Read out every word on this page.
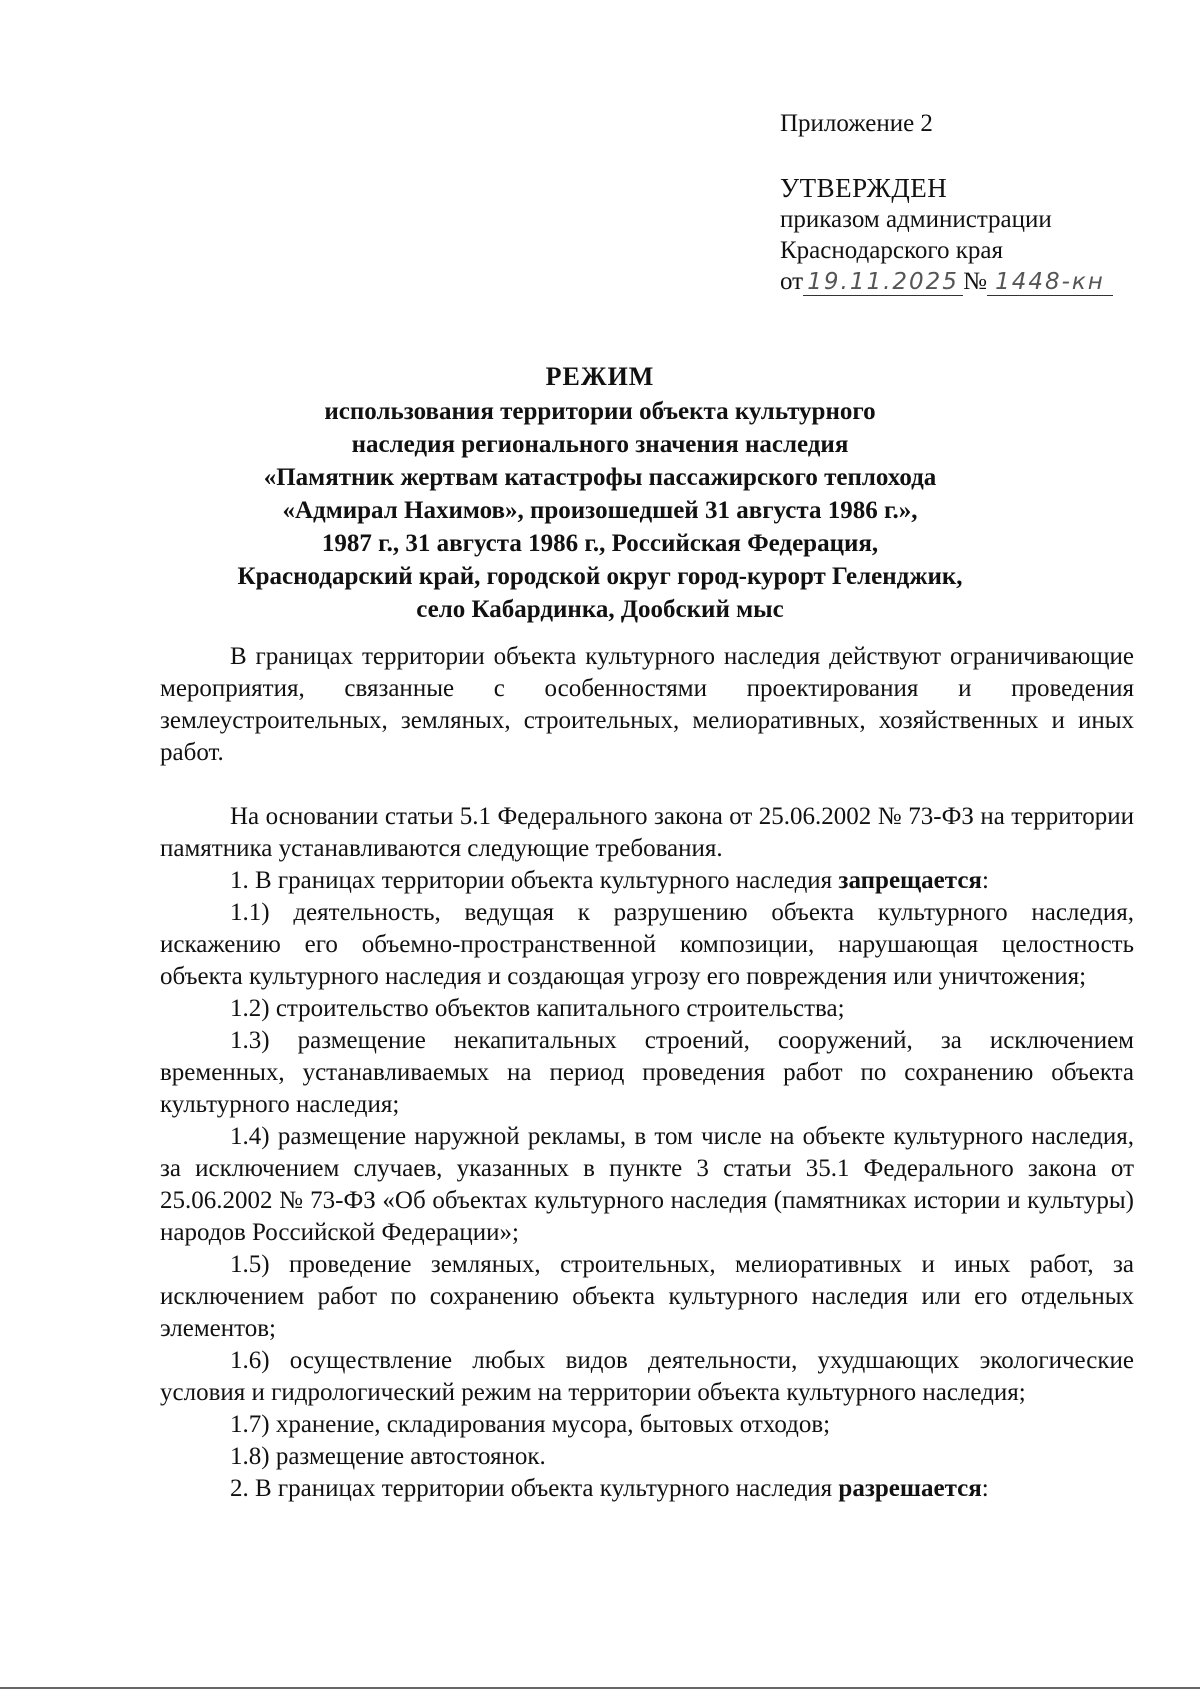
Приложение 2

УТВЕРЖДЕН

приказом администрации

Краснодарского края

от 19.11.2025 № 1448-кн

РЕЖИМ
использования территории объекта культурного
наследия регионального значения наследия
«Памятник жертвам катастрофы пассажирского теплохода
«Адмирал Нахимов», произошедшей 31 августа 1986 г.»,
1987 г., 31 августа 1986 г., Российская Федерация,
Краснодарский край, городской округ город-курорт Геленджик,
село Кабардинка, Дообский мыс

В границах территории объекта культурного наследия действуют ограничивающие мероприятия, связанные с особенностями проектирования и проведения землеустроительных, земляных, строительных, мелиоративных, хозяйственных и иных работ.

На основании статьи 5.1 Федерального закона от 25.06.2002 № 73-ФЗ на территории памятника устанавливаются следующие требования.

1. В границах территории объекта культурного наследия запрещается:

1.1) деятельность, ведущая к разрушению объекта культурного наследия, искажению его объемно-пространственной композиции, нарушающая целостность объекта культурного наследия и создающая угрозу его повреждения или уничтожения;

1.2) строительство объектов капитального строительства;

1.3) размещение некапитальных строений, сооружений, за исключением временных, устанавливаемых на период проведения работ по сохранению объекта культурного наследия;

1.4) размещение наружной рекламы, в том числе на объекте культурного наследия, за исключением случаев, указанных в пункте 3 статьи 35.1 Федерального закона от 25.06.2002 № 73-ФЗ «Об объектах культурного наследия (памятниках истории и культуры) народов Российской Федерации»;

1.5) проведение земляных, строительных, мелиоративных и иных работ, за исключением работ по сохранению объекта культурного наследия или его отдельных элементов;

1.6) осуществление любых видов деятельности, ухудшающих экологические условия и гидрологический режим на территории объекта культурного наследия;

1.7) хранение, складирования мусора, бытовых отходов;

1.8) размещение автостоянок.

2. В границах территории объекта культурного наследия разрешается:
